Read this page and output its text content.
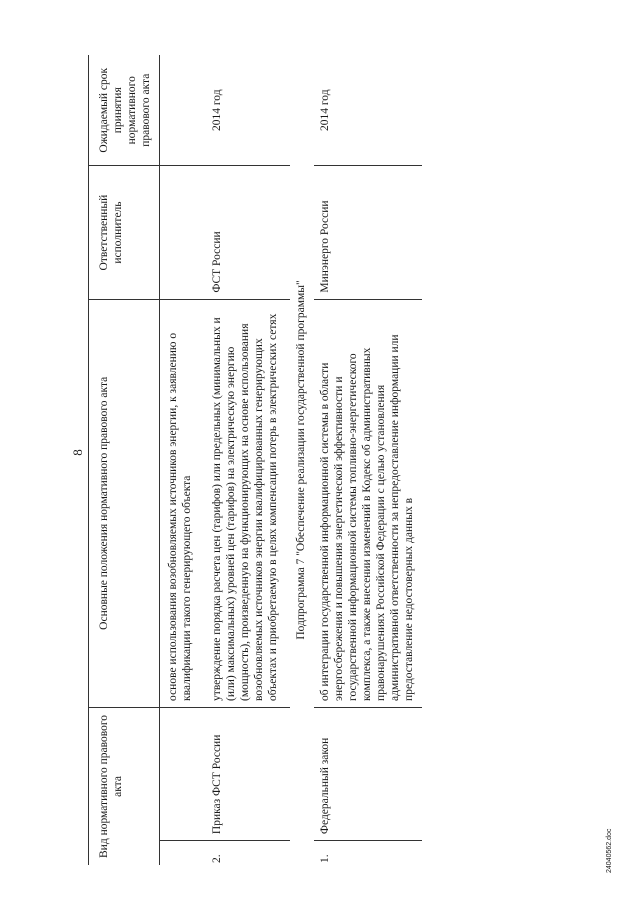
8
Вид нормативного правового акта		Основные положения нормативного правового акта	Ответственный исполнитель	Ожидаемый срок принятия нормативного правового акта
		основе использования возобновляемых источников энергии, к заявлению о квалификации такого генерирующего объекта		
2.	Приказ ФСТ России	утверждение порядка расчета цен (тарифов) или предельных (минимальных и (или) максимальных) уровней цен (тарифов) на электрическую энергию (мощность), произведенную на функционирующих на основе использования возобновляемых источников энергии квалифицированных генерирующих объектах и приобретаемую в целях компенсации потерь в электрических сетях	ФСТ России	2014 год
Подпрограмма 7 "Обеспечение реализации государственной программы"				
1.	Федеральный закон	об интеграции государственной информационной системы в области энергосбережения и повышения энергетической эффективности и государственной информационной системы топливно-энергетического комплекса, а также внесении изменений в Кодекс об административных правонарушениях Российской Федерации с целью установления административной ответственности за непредоставление информации или предоставление недостоверных данных в	Минэнерго России	2014 год
24040562.doc
